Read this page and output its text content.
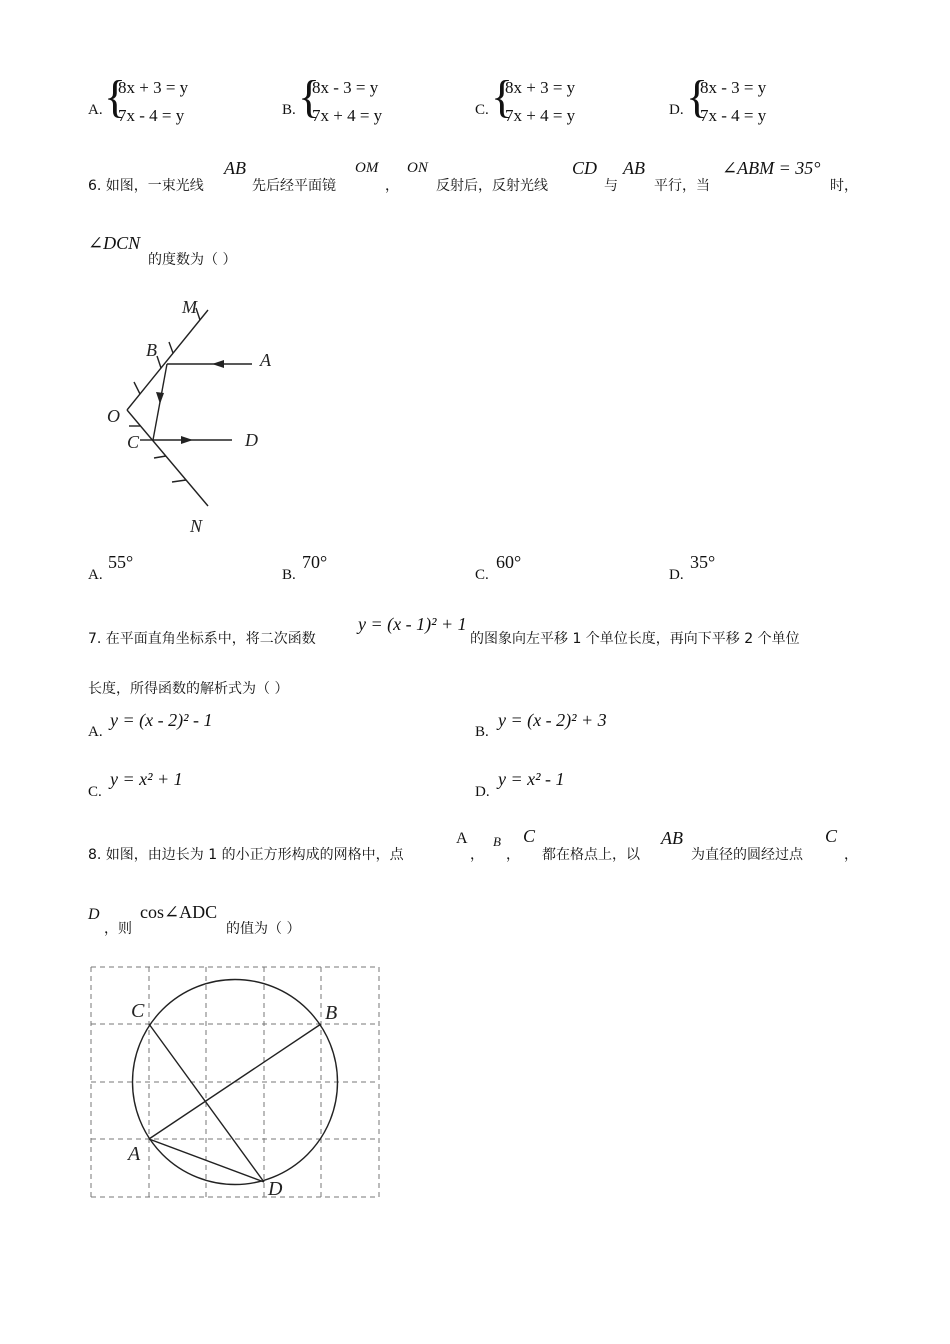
A. {
8x + 3 = y
7x - 4 = y	B. {
8x - 3 = y
7x + 4 = y	C. {
8x + 3 = y
7x + 4 = y	D. {
8x - 3 = y
7x - 4 = y
6. 如图，一束光线
AB
先后经平面镜
OM
，
ON
反射后，反射光线
CD
与
AB
平行，当
∠ABM = 35°
时，
∠DCN
的度数为（ ）
M
B	A
O
C	D
N
A.
55°
B.
70°
C.
60°
D.
35°
7. 在平面直角坐标系中，将二次函数
y = (x - 1)² + 1
的图象向左平移 1 个单位长度，再向下平移 2 个单位
长度，所得函数的解析式为（ ）
A.
y = (x - 2)² - 1
B.
y = (x - 2)² + 3
C.
y = x² + 1
D.
y = x² - 1
8. 如图，由边长为 1 的小正方形构成的网格中，点
A
，
B
，
C
都在格点上，以
AB
为直径的圆经过点
C
，
D
，则
cos∠ADC
的值为（ ）
C	B
A
D
